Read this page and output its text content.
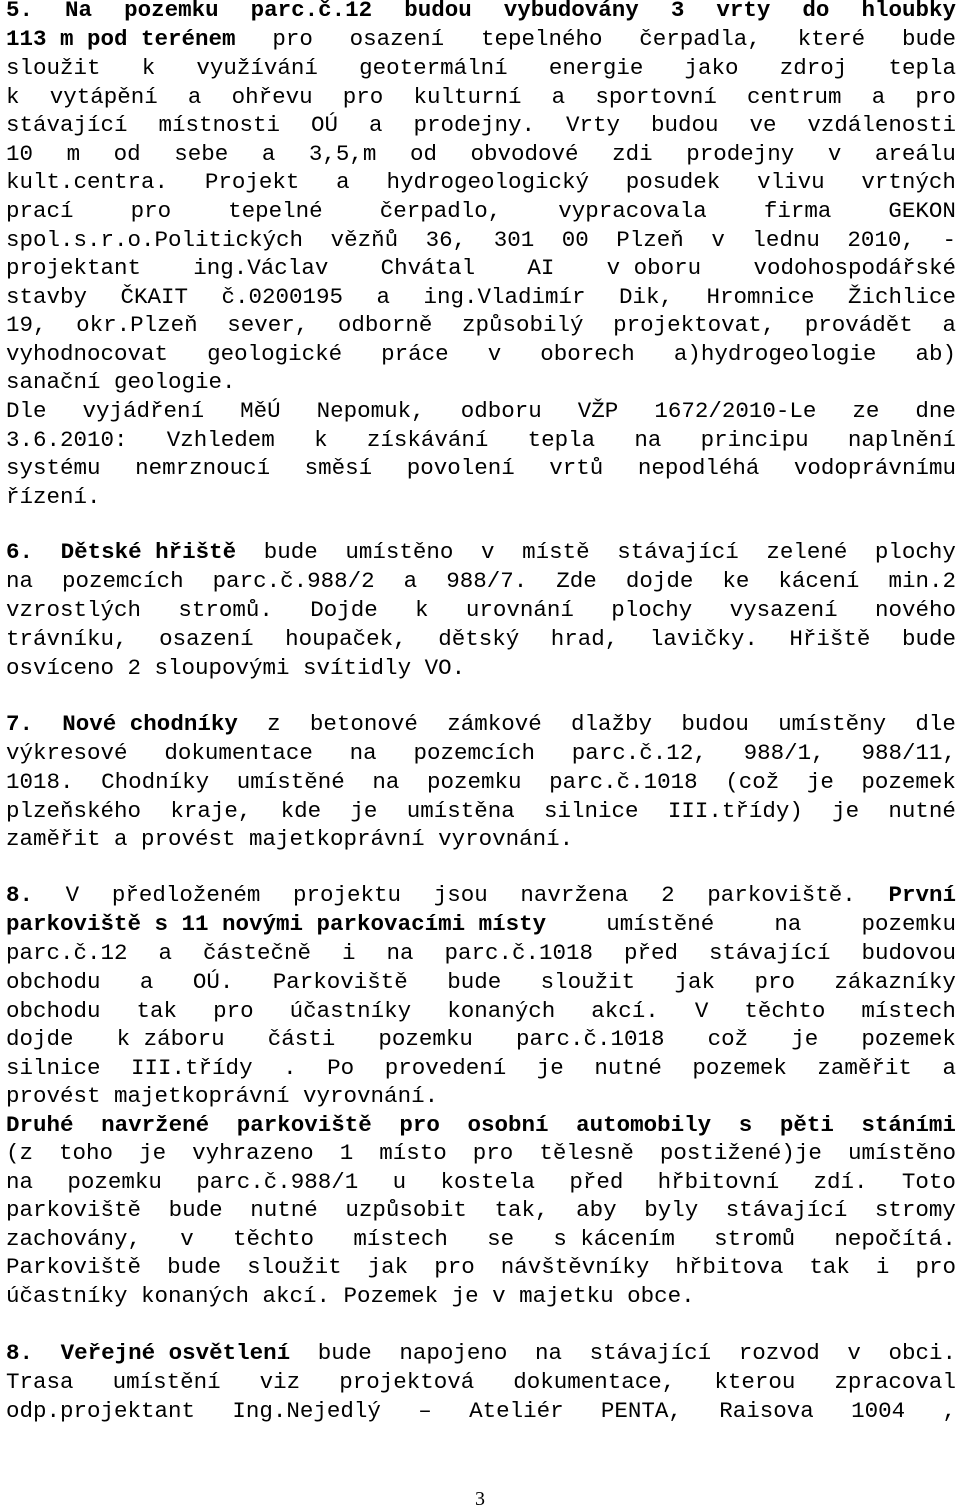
5. Na pozemku parc.č.12 budou vybudovány 3 vrty do hloubky
113 m pod terénem pro osazení tepelného čerpadla, které bude
sloužit k využívání geotermální energie jako zdroj tepla
k vytápění a ohřevu pro kulturní a sportovní centrum a pro
stávající místnosti OÚ a prodejny. Vrty budou ve vzdálenosti
10 m od sebe a 3,5,m od obvodové zdi prodejny v areálu
kult.centra. Projekt a hydrogeologický posudek vlivu vrtných
prací	pro	tepelné	čerpadlo,	vypracovala	firma	GEKON
spol.s.r.o.Politických vězňů 36, 301 00 Plzeň v lednu 2010, -
projektant ing.Václav Chvátal AI v oboru vodohospodářské
stavby ČKAIT č.0200195 a ing.Vladimír Dik, Hromnice Žichlice
19, okr.Plzeň sever, odborně způsobilý projektovat, provádět a
vyhodnocovat geologické práce v oborech a)hydrogeologie ab)
sanační geologie.
Dle vyjádření MěÚ Nepomuk, odboru VŽP 1672/2010-Le ze dne
3.6.2010: Vzhledem k získávání tepla na principu naplnění
systému nemrznoucí směsí povolení vrtů nepodléhá vodoprávnímu
řízení.
6. Dětské hřiště bude umístěno v místě stávající zelené plochy
na pozemcích parc.č.988/2 a 988/7. Zde dojde ke kácení min.2
vzrostlých stromů. Dojde k urovnání plochy vysazení nového
trávníku, osazení houpaček, dětský hrad, lavičky. Hřiště bude
osvíceno 2 sloupovými svítidly VO.
7. Nové chodníky z betonové zámkové dlažby budou umístěny dle
výkresové dokumentace na pozemcích parc.č.12, 988/1, 988/11,
1018. Chodníky umístěné na pozemku parc.č.1018 (což je pozemek
plzeňského kraje, kde je umístěna silnice III.třídy) je nutné
zaměřit a provést majetkoprávní vyrovnání.
8. V předloženém projektu jsou navržena 2 parkoviště. První
parkoviště s 11 novými parkovacími místy	umístěné	na	pozemku
parc.č.12 a částečně i na parc.č.1018 před stávající budovou
obchodu a OÚ. Parkoviště bude sloužit jak pro zákazníky
obchodu tak pro účastníky konaných akcí. V těchto místech
dojde k záboru části pozemku parc.č.1018 což je pozemek
silnice III.třídy . Po provedení je nutné pozemek zaměřit a
provést majetkoprávní vyrovnání.
Druhé navržené parkoviště pro osobní automobily s pěti stáními
(z toho je vyhrazeno 1 místo pro tělesně postižené)je umístěno
na pozemku parc.č.988/1 u kostela před hřbitovní zdí. Toto
parkoviště bude nutné uzpůsobit tak, aby byly stávající stromy
zachovány, v těchto místech se s kácením stromů nepočítá.
Parkoviště bude sloužit jak pro návštěvníky hřbitova tak i pro
účastníky konaných akcí. Pozemek je v majetku obce.
8. Veřejné osvětlení bude napojeno na stávající rozvod v obci.
Trasa umístění viz projektová dokumentace, kterou zpracoval
odp.projektant Ing.Nejedlý – Ateliér PENTA, Raisova 1004 ,
3
